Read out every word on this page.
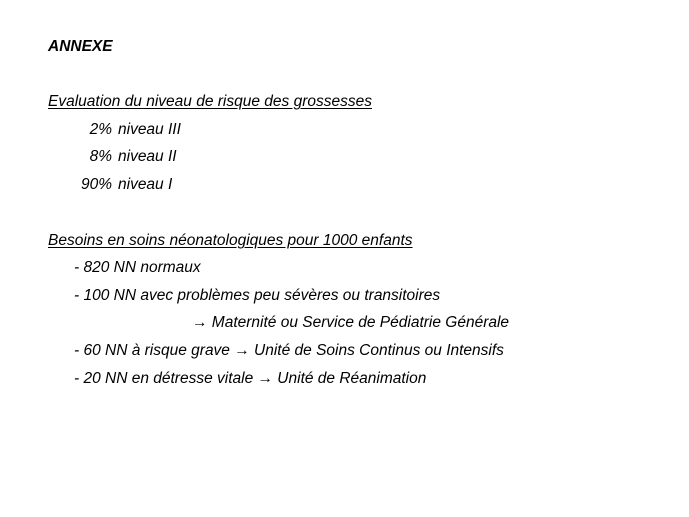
ANNEXE
Evaluation du niveau de risque des grossesses
2% niveau III
8% niveau II
90% niveau I
Besoins en soins néonatologiques pour 1000 enfants
- 820 NN normaux
- 100 NN avec problèmes peu sévères ou transitoires
→ Maternité ou Service de Pédiatrie Générale
- 60 NN à risque grave → Unité de Soins Continus ou Intensifs
- 20 NN en détresse vitale → Unité de Réanimation
